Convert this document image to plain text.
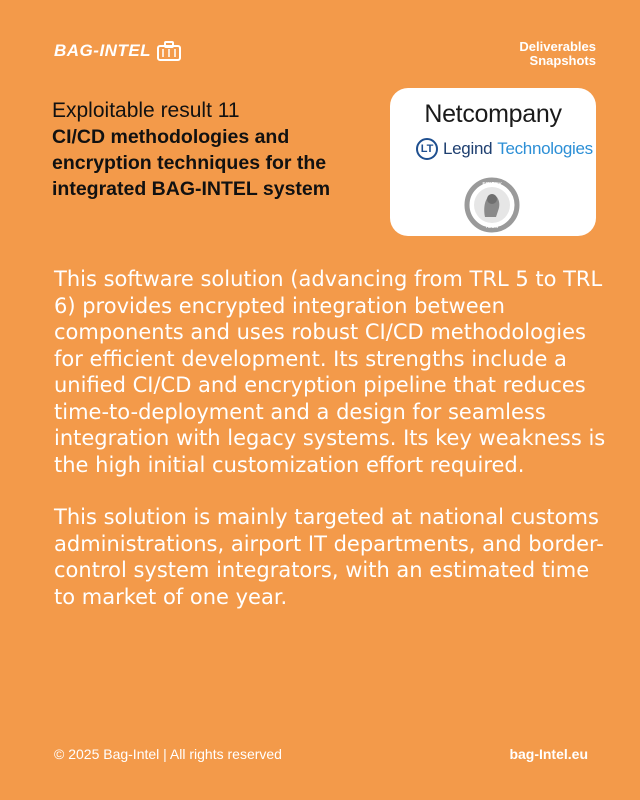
BAG-INTEL	Deliverables
Snapshots

Exploitable result 11

CI/CD methodologies and encryption techniques for the integrated BAG-INTEL system

Netcompany
LT Legind Technologies
ΕΠΙΣΕΥ
ICCS

This software solution (advancing from TRL 5 to TRL 6) provides encrypted integration between components and uses robust CI/CD methodologies for efficient development. Its strengths include a unified CI/CD and encryption pipeline that reduces time-to-deployment and a design for seamless integration with legacy systems. Its key weakness is the high initial customization effort required.

This solution is mainly targeted at national customs administrations, airport IT departments, and border-control system integrators, with an estimated time to market of one year.

© 2025 Bag-Intel | All rights reserved	bag-Intel.eu
